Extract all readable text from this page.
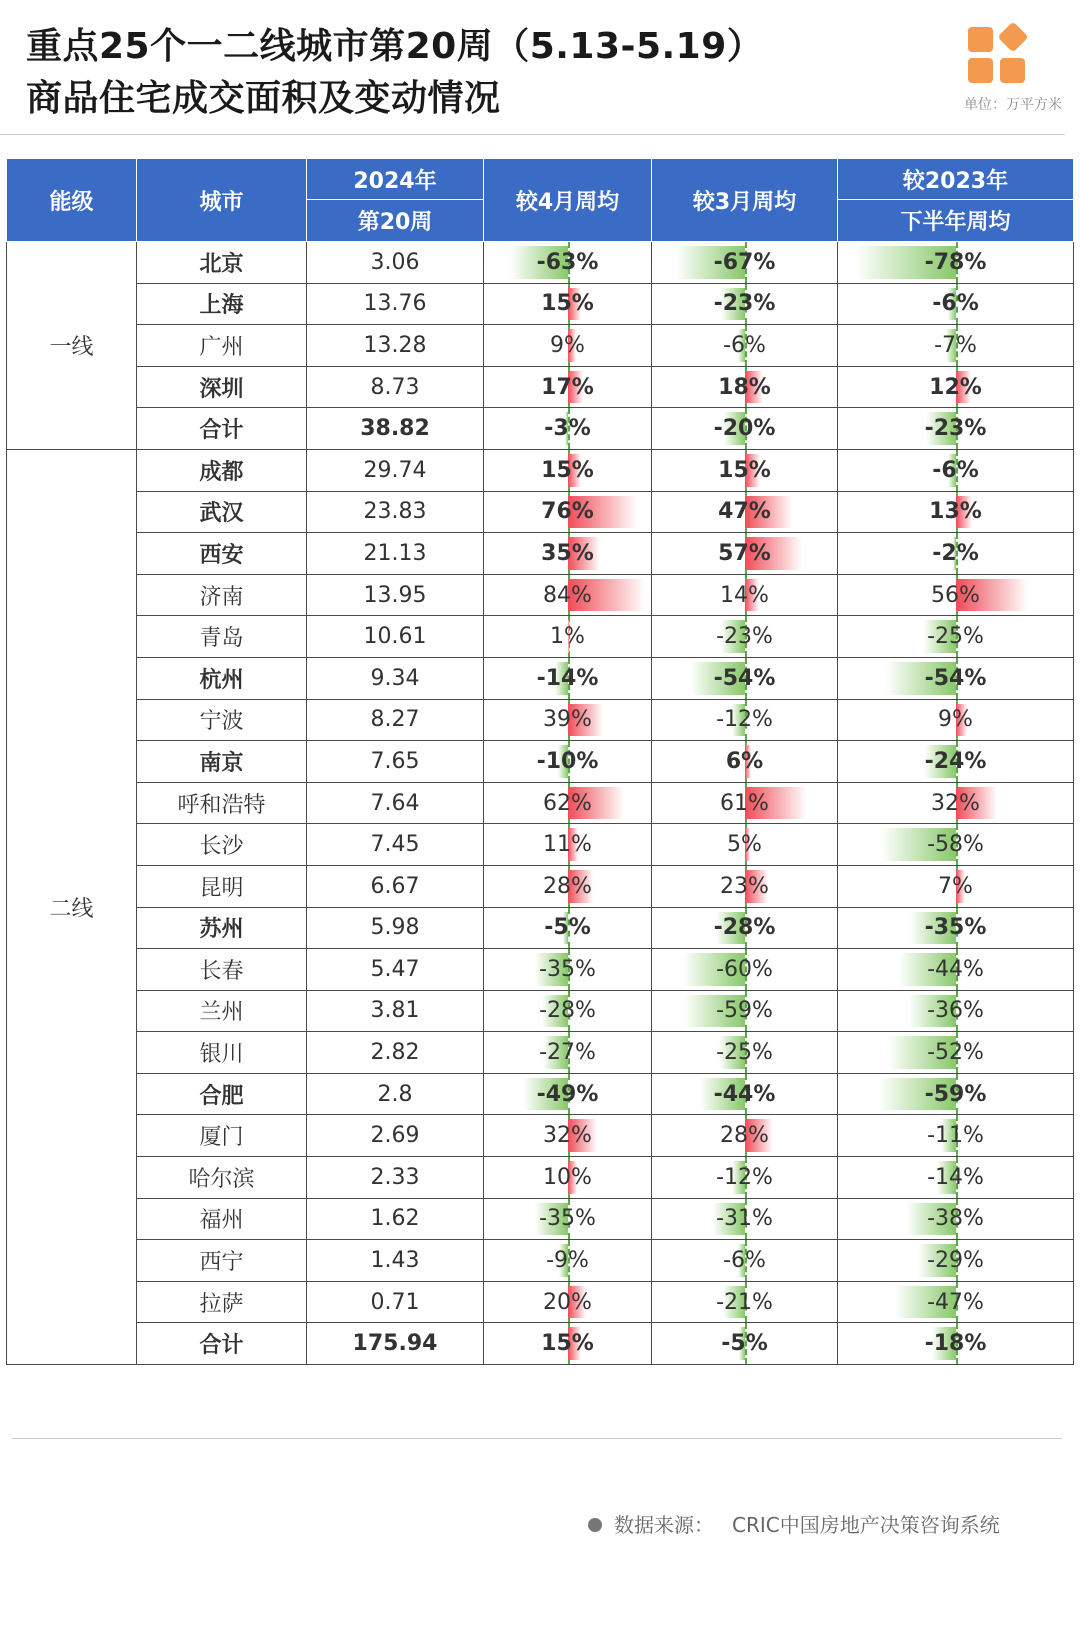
重点25个一二线城市第20周（5.13-5.19）
商品住宅成交面积及变动情况	单位：万平方米
能级	城市	2024年	较4月周均	较3月周均	较2023年
		第20周			下半年周均
一线	北京	3.06	-63%	-67%	-78%
	上海	13.76	15%	-23%	-6%
	广州	13.28	9%	-6%	-7%
	深圳	8.73	17%	18%	12%
	合计	38.82	-3%	-20%	-23%
二线	成都	29.74	15%	15%	-6%
	武汉	23.83	76%	47%	13%
	西安	21.13	35%	57%	-2%
	济南	13.95	84%	14%	56%
	青岛	10.61	1%	-23%	-25%
	杭州	9.34	-14%	-54%	-54%
	宁波	8.27	39%	-12%	9%
	南京	7.65	-10%	6%	-24%
	呼和浩特	7.64	62%	61%	32%
	长沙	7.45	11%	5%	-58%
	昆明	6.67	28%	23%	7%
	苏州	5.98	-5%	-28%	-35%
	长春	5.47	-35%	-60%	-44%
	兰州	3.81	-28%	-59%	-36%
	银川	2.82	-27%	-25%	-52%
	合肥	2.8	-49%	-44%	-59%
	厦门	2.69	32%	28%	-11%
	哈尔滨	2.33	10%	-12%	-14%
	福州	1.62	-35%	-31%	-38%
	西宁	1.43	-9%	-6%	-29%
	拉萨	0.71	20%	-21%	-47%
	合计	175.94	15%	-5%	-18%
数据来源： CRIC中国房地产决策咨询系统
